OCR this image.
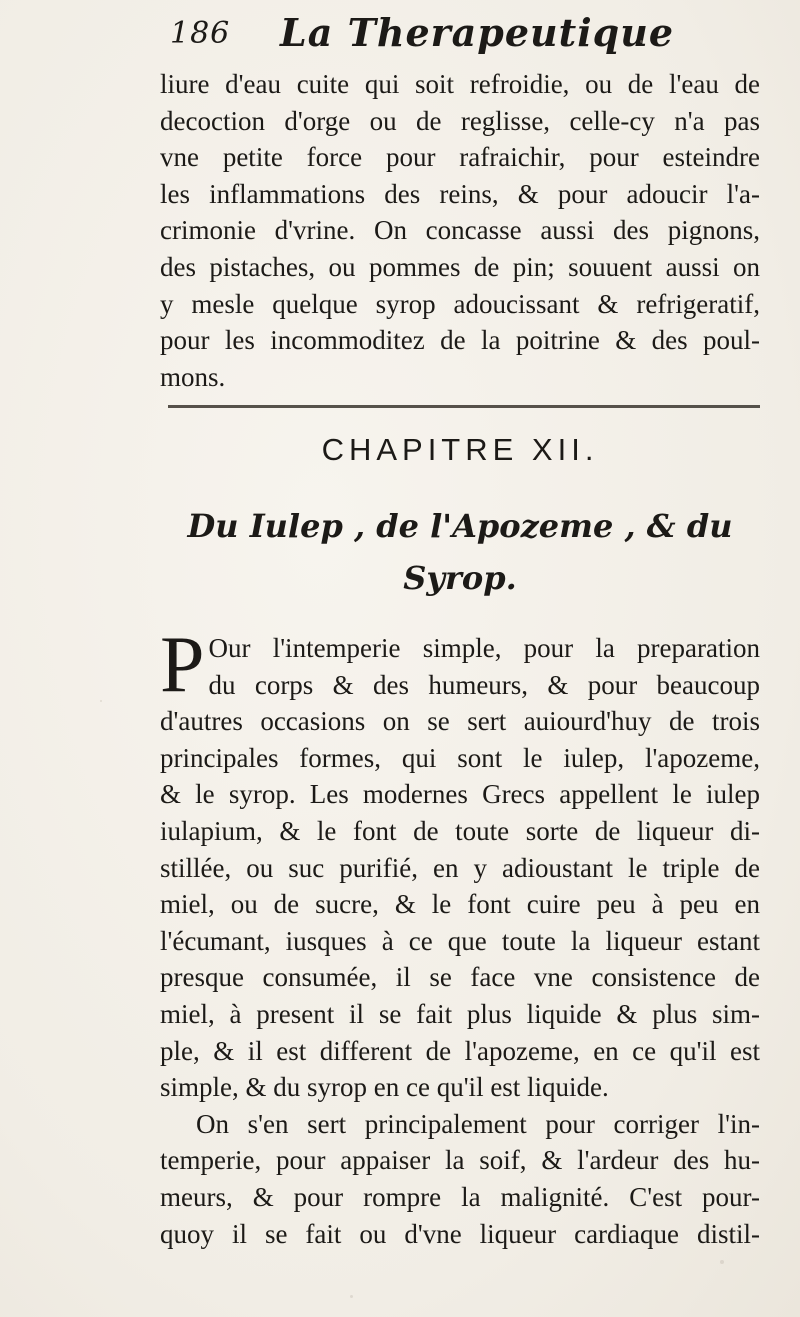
186 La Therapeutique
liure d'eau cuite qui soit refroidie, ou de l'eau de
decoction d'orge ou de reglisse, celle-cy n'a pas
vne petite force pour rafraichir, pour esteindre
les inflammations des reins, & pour adoucir l'a-
crimonie d'vrine. On concasse aussi des pignons,
des pistaches, ou pommes de pin; souuent aussi on
y mesle quelque syrop adoucissant & refrigeratif,
pour les incommoditez de la poitrine & des poul-
mons.
CHAPITRE XII.
Du Iulep , de l'Apozeme , & du
Syrop.
P Our l'intemperie simple, pour la preparation
du corps & des humeurs, & pour beaucoup
d'autres occasions on se sert auiourd'huy de trois
principales formes, qui sont le iulep, l'apozeme,
& le syrop. Les modernes Grecs appellent le iulep
iulapium, & le font de toute sorte de liqueur di-
stillée, ou suc purifié, en y adioustant le triple de
miel, ou de sucre, & le font cuire peu à peu en
l'écumant, iusques à ce que toute la liqueur estant
presque consumée, il se face vne consistence de
miel, à present il se fait plus liquide & plus sim-
ple, & il est different de l'apozeme, en ce qu'il est
simple, & du syrop en ce qu'il est liquide.
On s'en sert principalement pour corriger l'in-
temperie, pour appaiser la soif, & l'ardeur des hu-
meurs, & pour rompre la malignité. C'est pour-
quoy il se fait ou d'vne liqueur cardiaque distil-
